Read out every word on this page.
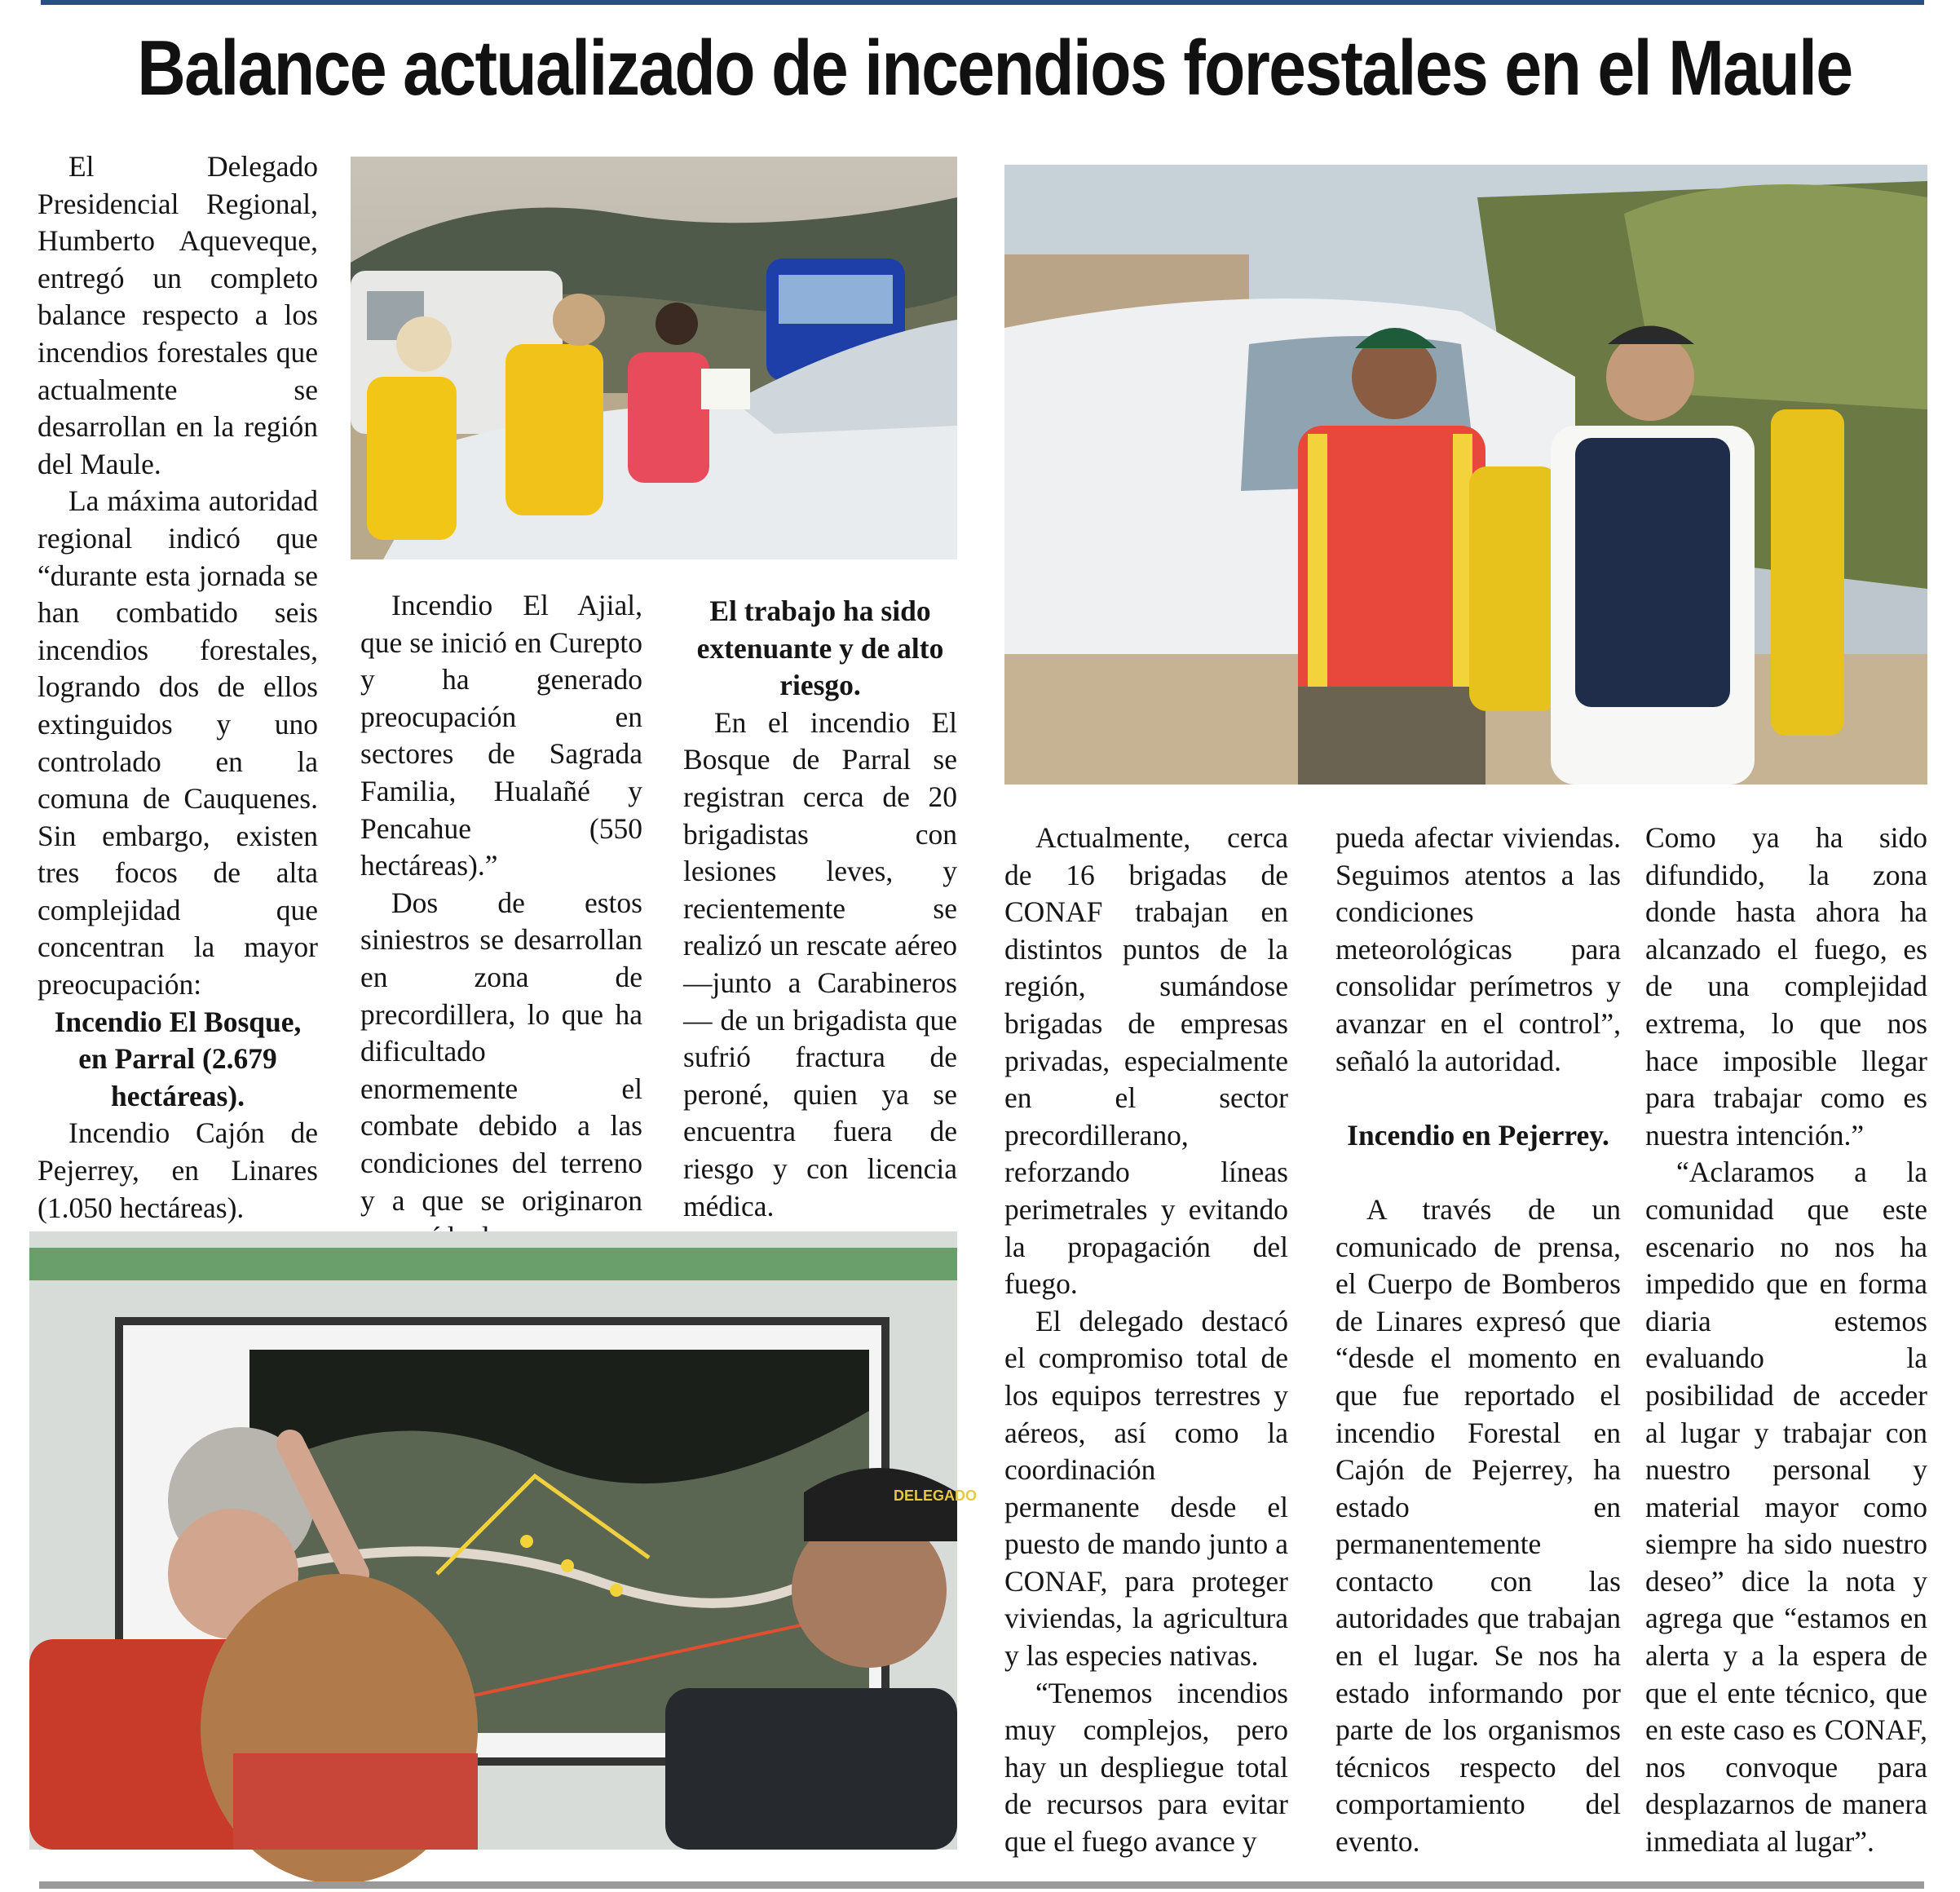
Balance actualizado de incendios forestales en el Maule

El Delegado Presidencial Regional, Humberto Aqueveque, entregó un completo balance respecto a los incendios forestales que actualmente se desarrollan en la región del Maule.

La máxima autoridad regional indicó que “durante esta jornada se han combatido seis incendios forestales, logrando dos de ellos extinguidos y uno controlado en la comuna de Cauquenes. Sin embargo, existen tres focos de alta complejidad que concentran la mayor preocupación:

Incendio El Bosque, en Parral (2.679 hectáreas).

Incendio Cajón de Pejerrey, en Linares (1.050 hectáreas).

Incendio El Ajial, que se inició en Curepto y ha generado preocupación en sectores de Sagrada Familia, Hualañé y Pencahue (550 hectáreas).”

Dos de estos siniestros se desarrollan en zona de precordillera, lo que ha dificultado enormemente el combate debido a las condiciones del terreno y a que se originaron

El trabajo ha sido extenuante y de alto riesgo.

En el incendio El Bosque de Parral se registran cerca de 20 brigadistas con lesiones leves, y recientemente se realizó un rescate aéreo —junto a Carabineros— de un brigadista que sufrió fractura de peroné, quien ya se encuentra fuera de riesgo y con licencia médica.

Actualmente, cerca de 16 brigadas de CONAF trabajan en distintos puntos de la región, sumándose brigadas de empresas privadas, especialmente en el sector precordillerano, reforzando líneas perimetrales y evitando la propagación del fuego.

El delegado destacó el compromiso total de los equipos terrestres y aéreos, así como la coordinación permanente desde el puesto de mando junto a CONAF, para proteger viviendas, la agricultura y las especies nativas.

“Tenemos incendios muy complejos, pero hay un despliegue total de recursos para evitar que el fuego avance y

pueda afectar viviendas. Seguimos atentos a las condiciones meteorológicas para consolidar perímetros y avanzar en el control”, señaló la autoridad.

Incendio en Pejerrey.

A través de un comunicado de prensa, el Cuerpo de Bomberos de Linares expresó que “desde el momento en que fue reportado el incendio Forestal en Cajón de Pejerrey, ha estado en permanentemente contacto con las autoridades que trabajan en el lugar. Se nos ha estado informando por parte de los organismos técnicos respecto del comportamiento del evento.

Como ya ha sido difundido, la zona donde hasta ahora ha alcanzado el fuego, es de una complejidad extrema, lo que nos hace imposible llegar para trabajar como es nuestra intención.”

“Aclaramos a la comunidad que este escenario no nos ha impedido que en forma diaria estemos evaluando la posibilidad de acceder al lugar y trabajar con nuestro personal y material mayor como siempre ha sido nuestro deseo” dice la nota y agrega que “estamos en alerta y a la espera de que el ente técnico, que en este caso es CONAF, nos convoque para desplazarnos de manera inmediata al lugar”.

DELEGADO
